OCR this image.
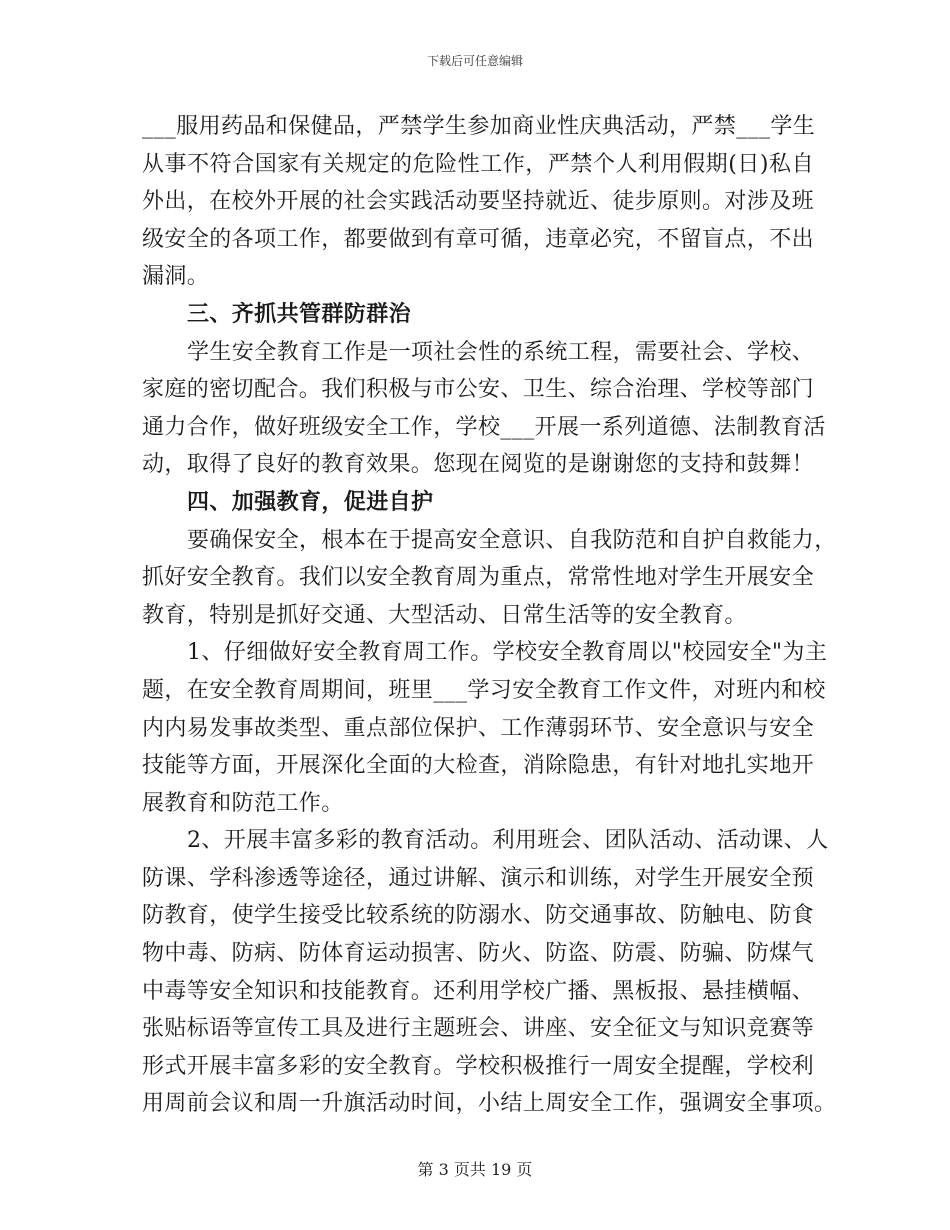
下载后可任意编辑
___服用药品和保健品，严禁学生参加商业性庆典活动，严禁___学生
从事不符合国家有关规定的危险性工作，严禁个人利用假期(日)私自
外出，在校外开展的社会实践活动要坚持就近、徒步原则。对涉及班
级安全的各项工作，都要做到有章可循，违章必究，不留盲点，不出
漏洞。
三、齐抓共管群防群治
学生安全教育工作是一项社会性的系统工程，需要社会、学校、
家庭的密切配合。我们积极与市公安、卫生、综合治理、学校等部门
通力合作，做好班级安全工作，学校___开展一系列道德、法制教育活
动，取得了良好的教育效果。您现在阅览的是谢谢您的支持和鼓舞！
四、加强教育，促进自护
要确保安全，根本在于提高安全意识、自我防范和自护自救能力，
抓好安全教育。我们以安全教育周为重点，常常性地对学生开展安全
教育，特别是抓好交通、大型活动、日常生活等的安全教育。
1、仔细做好安全教育周工作。学校安全教育周以"校园安全"为主
题，在安全教育周期间，班里___学习安全教育工作文件，对班内和校
内内易发事故类型、重点部位保护、工作薄弱环节、安全意识与安全
技能等方面，开展深化全面的大检查，消除隐患，有针对地扎实地开
展教育和防范工作。
2、开展丰富多彩的教育活动。利用班会、团队活动、活动课、人
防课、学科渗透等途径，通过讲解、演示和训练，对学生开展安全预
防教育，使学生接受比较系统的防溺水、防交通事故、防触电、防食
物中毒、防病、防体育运动损害、防火、防盗、防震、防骗、防煤气
中毒等安全知识和技能教育。还利用学校广播、黑板报、悬挂横幅、
张贴标语等宣传工具及进行主题班会、讲座、安全征文与知识竞赛等
形式开展丰富多彩的安全教育。学校积极推行一周安全提醒，学校利
用周前会议和周一升旗活动时间，小结上周安全工作，强调安全事项。
第 3 页共 19 页
